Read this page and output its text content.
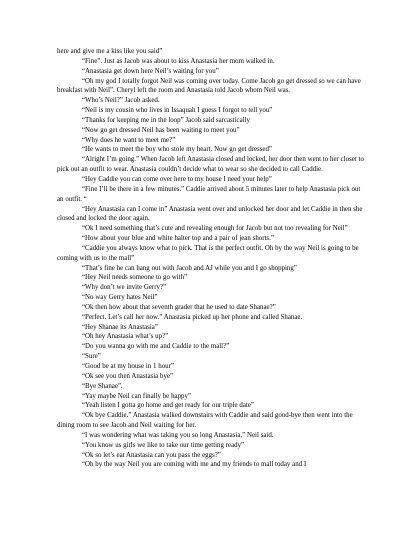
here and give me a kiss like you said”

“Fine”. Just as Jacob was about to kiss Anastasia her mom walked in.

“Anastasia get down here Neil’s waiting for you”

“Oh my god I totally forgot Neil was coming over today. Come Jacob go get dressed so we can have breakfast with Neil”. Cheryl left the room and Anastasia told Jacob whom Neil was.

“Who’s Neil?” Jacob asked.

“Neil is my cousin who lives in Issaquah I guess I forgot to tell you”

“Thanks for keeping me in the loop” Jacob said sarcastically

“Now go get dressed Neil has been waiting to meet you”

“Why does he want to meet me?”

“He wants to meet the boy who stole my heart. Now go get dressed”

“Alright I’m going.” When Jacob left Anastasia closed and locked, her door then went to her closet to pick out an outfit to wear. Anastasia couldn’t decide what to wear so she decided to call Caddie.

“Hey Caddie you can come over here to my house I need your help”

“Fine I’ll be there in a few minutes.” Caddie arrived about 5 minutes later to help Anastasia pick out an outfit. “

“Hey Anastasia can I come in” Anastasia went over and unlocked her door and let Caddie in then she closed and locked the door again.

“Ok I need something that’s cute and revealing enough for Jacob but not too revealing for Neil”

“How about your blue and white halter top and a pair of jean shorts.”

“Caddie you always know what to pick. That is the perfect outfit. Oh by the way Neil is going to be coming with us to the mall”

“That’s fine he can hang out with Jacob and AJ while you and I go shopping”

“Hey Neil needs someone to go with”

“Why don’t we invite Gerry?”

“No way Gerry hates Neil”

“Ok then how about that seventh grader that he used to date Shanae?”

“Perfect. Let’s call her now.” Anastasia picked up her phone and called Shanae.

“Hey Shanae its Anastasia”

“Oh hey Anastasia what’s up?”

“Do you wanna go with me and Caddie to the mall?”

“Sure”

“Good be at my house in 1 hour”

“Ok see you then Anastasia bye”

“Bye Shanae”.

“Yay maybe Neil can finally be happy”

“Yeah listen I gotta go home and get ready for our triple date”

“Ok bye Caddie.” Anastasia walked downstairs with Caddie and said good-bye then went into the dining room to see Jacob and Neil waiting for her.

“I was wondering what was taking you so long Anastasia,” Neil said.

“You know us girls we like to take our time getting ready”

“Ok so let’s eat Anastasia can you pass the eggs?”

“Oh by the way Neil you are coming with me and my friends to mall today and I
